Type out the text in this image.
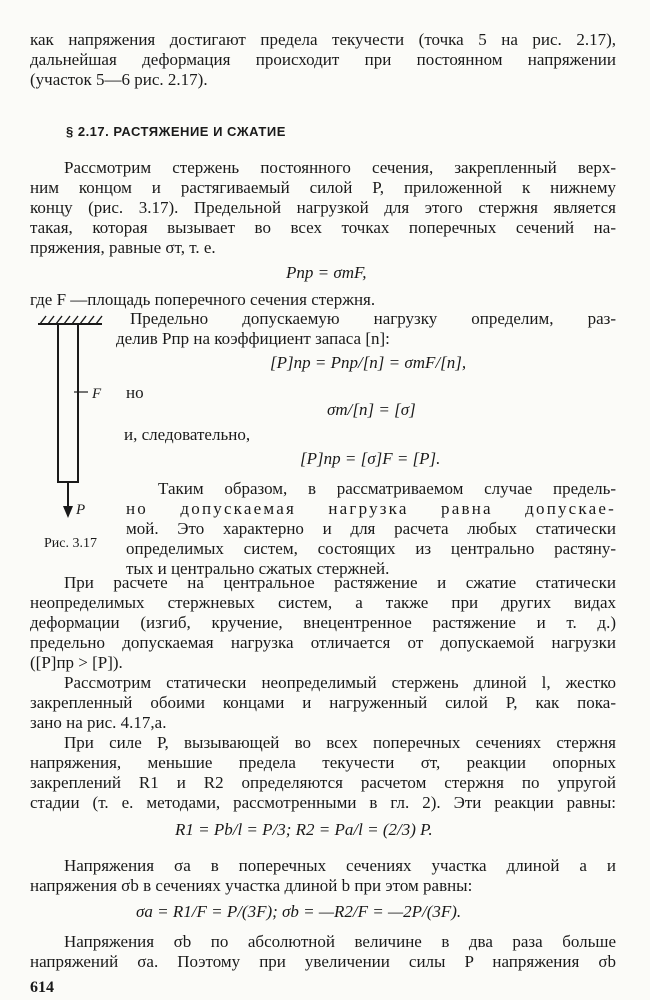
как напряжения достигают предела текучести (точка 5 на рис. 2.17),
дальнейшая деформация происходит при постоянном напряжении
(участок 5—6 рис. 2.17).
§ 2.17. РАСТЯЖЕНИЕ И СЖАТИЕ
Рассмотрим стержень постоянного сечения, закрепленный верх-
ним концом и растягиваемый силой P, приложенной к нижнему
концу (рис. 3.17). Предельной нагрузкой для этого стержня является
такая, которая вызывает во всех точках поперечных сечений на-
пряжения, равные σт, т. е.
Pпр = σтF,
где F —площадь поперечного сечения стержня.
Предельно допускаемую нагрузку определим, раз-
делив Pпр на коэффициент запаса [n]:
[P]пр = Pпр/[n] = σтF/[n],
но
σт/[n] = [σ]
и, следовательно,
[P]пр = [σ]F = [P].
Таким образом, в рассматриваемом случае предель-
но допускаемая нагрузка равна допускае-
мой. Это характерно и для расчета любых статически
определимых систем, состоящих из центрально растяну-
тых и центрально сжатых стержней.
F
P
Рис. 3.17
При расчете на центральное растяжение и сжатие статически
неопределимых стержневых систем, а также при других видах
деформации (изгиб, кручение, внецентренное растяжение и т. д.)
предельно допускаемая нагрузка отличается от допускаемой нагрузки
([P]пр > [P]).
Рассмотрим статически неопределимый стержень длиной l, жестко
закрепленный обоими концами и нагруженный силой P, как пока-
зано на рис. 4.17,a.
При силе P, вызывающей во всех поперечных сечениях стержня
напряжения, меньшие предела текучести σт, реакции опорных
закреплений R1 и R2 определяются расчетом стержня по упругой
стадии (т. е. методами, рассмотренными в гл. 2). Эти реакции равны:
R1 = Pb/l = P/3; R2 = Pa/l = (2/3) P.
Напряжения σa в поперечных сечениях участка длиной a и
напряжения σb в сечениях участка длиной b при этом равны:
σa = R1/F = P/(3F); σb = —R2/F = —2P/(3F).
Напряжения σb по абсолютной величине в два раза больше
напряжений σa. Поэтому при увеличении силы P напряжения σb
614
